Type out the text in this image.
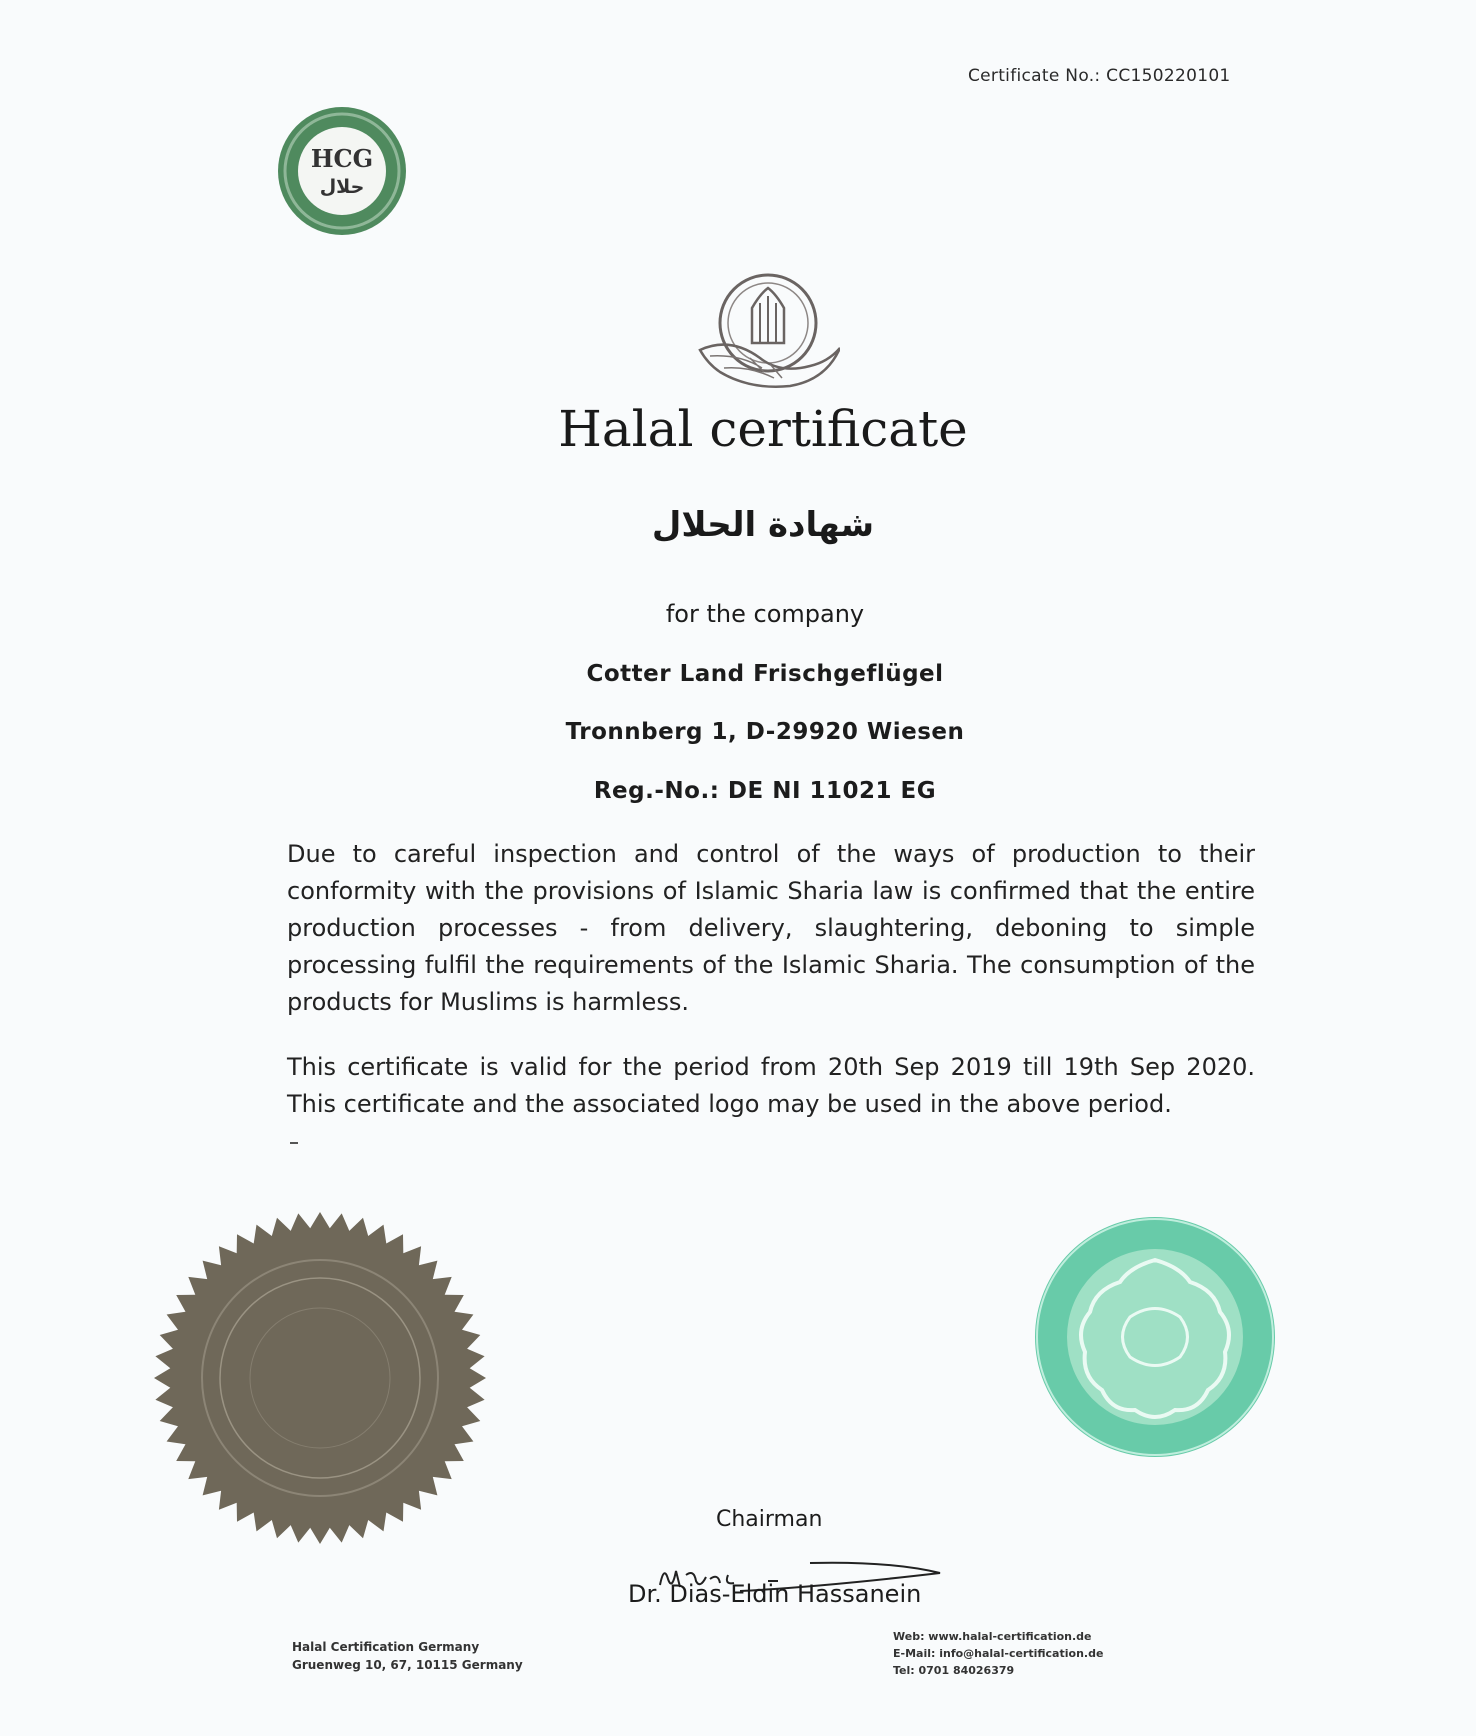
Certificate No.: CC150220101
HCG
حلال
Halal certificate
شهادة الحلال
for the company
Cotter Land Frischgeflügel
Tronnberg 1, D-29920 Wiesen
Reg.-No.: DE NI 11021 EG
Due to careful inspection and control of the ways of production to their conformity with the provisions of Islamic Sharia law is confirmed that the entire production processes - from delivery, slaughtering, deboning to simple processing fulfil the requirements of the Islamic Sharia. The consumption of the products for Muslims is harmless.
This certificate is valid for the period from 20th Sep 2019 till 19th Sep 2020. This certificate and the associated logo may be used in the above period.
Chairman
Dr. Dias-Eldin Hassanein
Halal Certification Germany
Gruenweg 10, 67, 10115 Germany
Web: www.halal-certification.de
E-Mail: info@halal-certification.de
Tel: 0701 84026379
